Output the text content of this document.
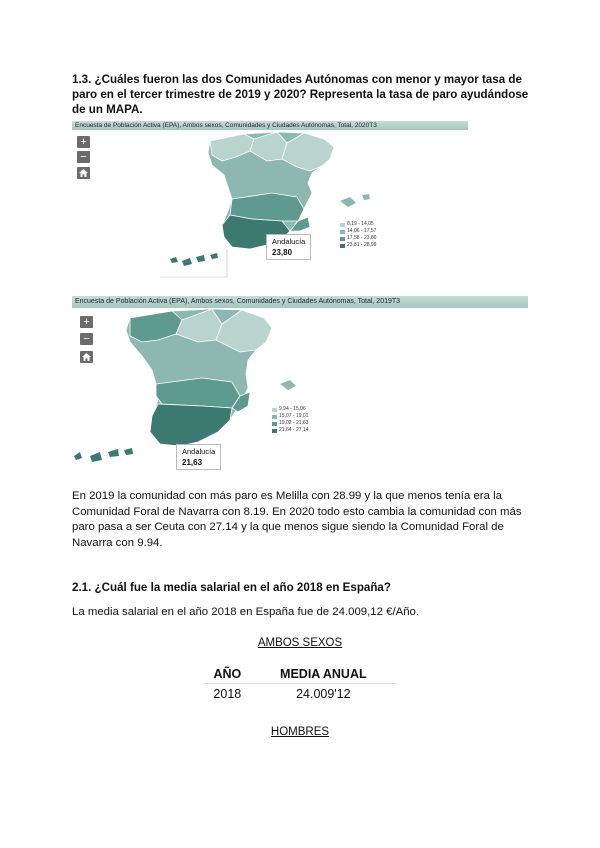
1.3. ¿Cuáles fueron las dos Comunidades Autónomas con menor y mayor tasa de paro en el tercer trimestre de 2019 y 2020? Representa la tasa de paro ayudándose de un MAPA.
Encuesta de Población Activa (EPA), Ambos sexos, Comunidades y Ciudades Autónomas, Total, 2020T3
+
−
Andalucía
23,80
8,19 - 14,05
14,06 - 17,57
17,58 - 23,80
23,81 - 28,99
Encuesta de Población Activa (EPA), Ambos sexos, Comunidades y Ciudades Autónomas, Total, 2019T3
+
−
Andalucía
21,63
9,94 - 15,06
15,07 - 19,01
19,02 - 21,63
21,64 - 27,14
En 2019 la comunidad con más paro es Melilla con 28.99 y la que menos tenía era la Comunidad Foral de Navarra con 8.19. En 2020 todo esto cambia la comunidad con más paro pasa a ser Ceuta con 27.14 y la que menos sigue siendo la Comunidad Foral de Navarra con 9.94.
2.1. ¿Cuál fue la media salarial en el año 2018 en España?
La media salarial en el año 2018 en España fue de 24.009,12 €/Año.
AMBOS SEXOS
AÑO	MEDIA ANUAL
2018	24.009'12
HOMBRES
